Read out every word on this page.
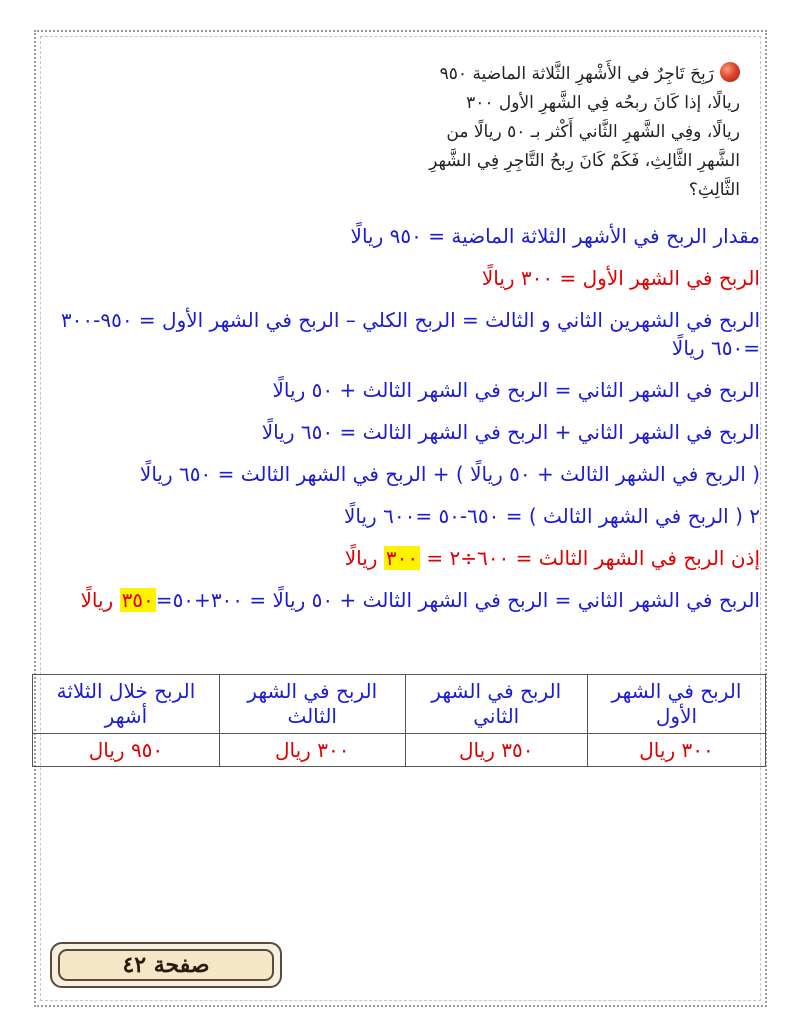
رَبِحَ تَاجِرٌ في الأَشْهرِ الثَّلاثة الماضية ٩٥٠
ريالًا، إذا كَانَ ربحُه فِي الشَّهرِ الأول ٣٠٠
ريالًا، وفِي الشَّهرِ الثَّاني أَكْثر بـ ٥٠ ريالًا من
الشَّهرِ الثَّالِثِ، فَكَمْ كَانَ رِبحُ التَّاجِرِ فِي الشَّهرِ
الثَّالِثِ؟
مقدار الربح في الأشهر الثلاثة الماضية = ٩٥٠ ريالًا
الربح في الشهر الأول = ٣٠٠ ريالًا
الربح في الشهرين الثاني و الثالث = الربح الكلي – الربح في الشهر الأول = ٩٥٠-٣٠٠ =٦٥٠ ريالًا
الربح في الشهر الثاني = الربح في الشهر الثالث + ٥٠ ريالًا
الربح في الشهر الثاني + الربح في الشهر الثالث = ٦٥٠ ريالًا
( الربح في الشهر الثالث + ٥٠ ريالًا ) + الربح في الشهر الثالث = ٦٥٠ ريالًا
٢ ( الربح في الشهر الثالث ) = ٦٥٠-٥٠ =٦٠٠ ريالًا
إذن الربح في الشهر الثالث = ٦٠٠÷٢ = ٣٠٠ ريالًا
الربح في الشهر الثاني = الربح في الشهر الثالث + ٥٠ ريالًا = ٣٠٠+٥٠=٣٥٠ ريالًا
الربح في الشهر الأول	الربح في الشهر الثاني	الربح في الشهر الثالث	الربح خلال الثلاثة أشهر
٣٠٠ ريال	٣٥٠ ريال	٣٠٠ ريال	٩٥٠ ريال
صفحة ٤٢
